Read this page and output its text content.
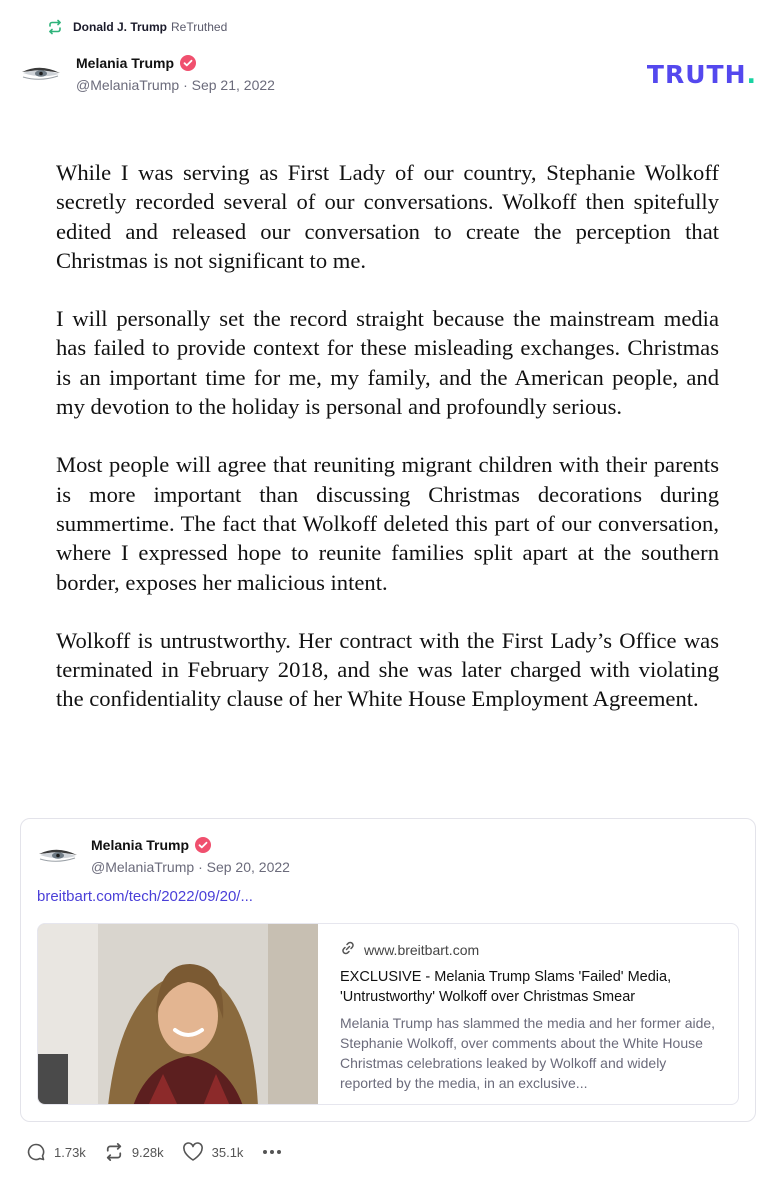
Donald J. Trump ReTruthed
Melania Trump
@MelaniaTrump · Sep 21, 2022	TRUTH.

While I was serving as First Lady of our country, Stephanie Wolkoff secretly recorded several of our conversations. Wolkoff then spitefully edited and released our conversation to create the perception that Christmas is not significant to me.

I will personally set the record straight because the mainstream media has failed to provide context for these misleading exchanges. Christmas is an important time for me, my family, and the American people, and my devotion to the holiday is personal and profoundly serious.

Most people will agree that reuniting migrant children with their parents is more important than discussing Christmas decorations during summertime. The fact that Wolkoff deleted this part of our conversation, where I expressed hope to reunite families split apart at the southern border, exposes her malicious intent.

Wolkoff is untrustworthy. Her contract with the First Lady’s Office was terminated in February 2018, and she was later charged with violating the confidentiality clause of her White House Employment Agreement.

Melania Trump
@MelaniaTrump · Sep 20, 2022
breitbart.com/tech/2022/09/20/...
www.breitbart.com
EXCLUSIVE - Melania Trump Slams 'Failed' Media, 'Untrustworthy' Wolkoff over Christmas Smear
Melania Trump has slammed the media and her former aide, Stephanie Wolkoff, over comments about the White House Christmas celebrations leaked by Wolkoff and widely reported by the media, in an exclusive...
1.73k	9.28k	35.1k
